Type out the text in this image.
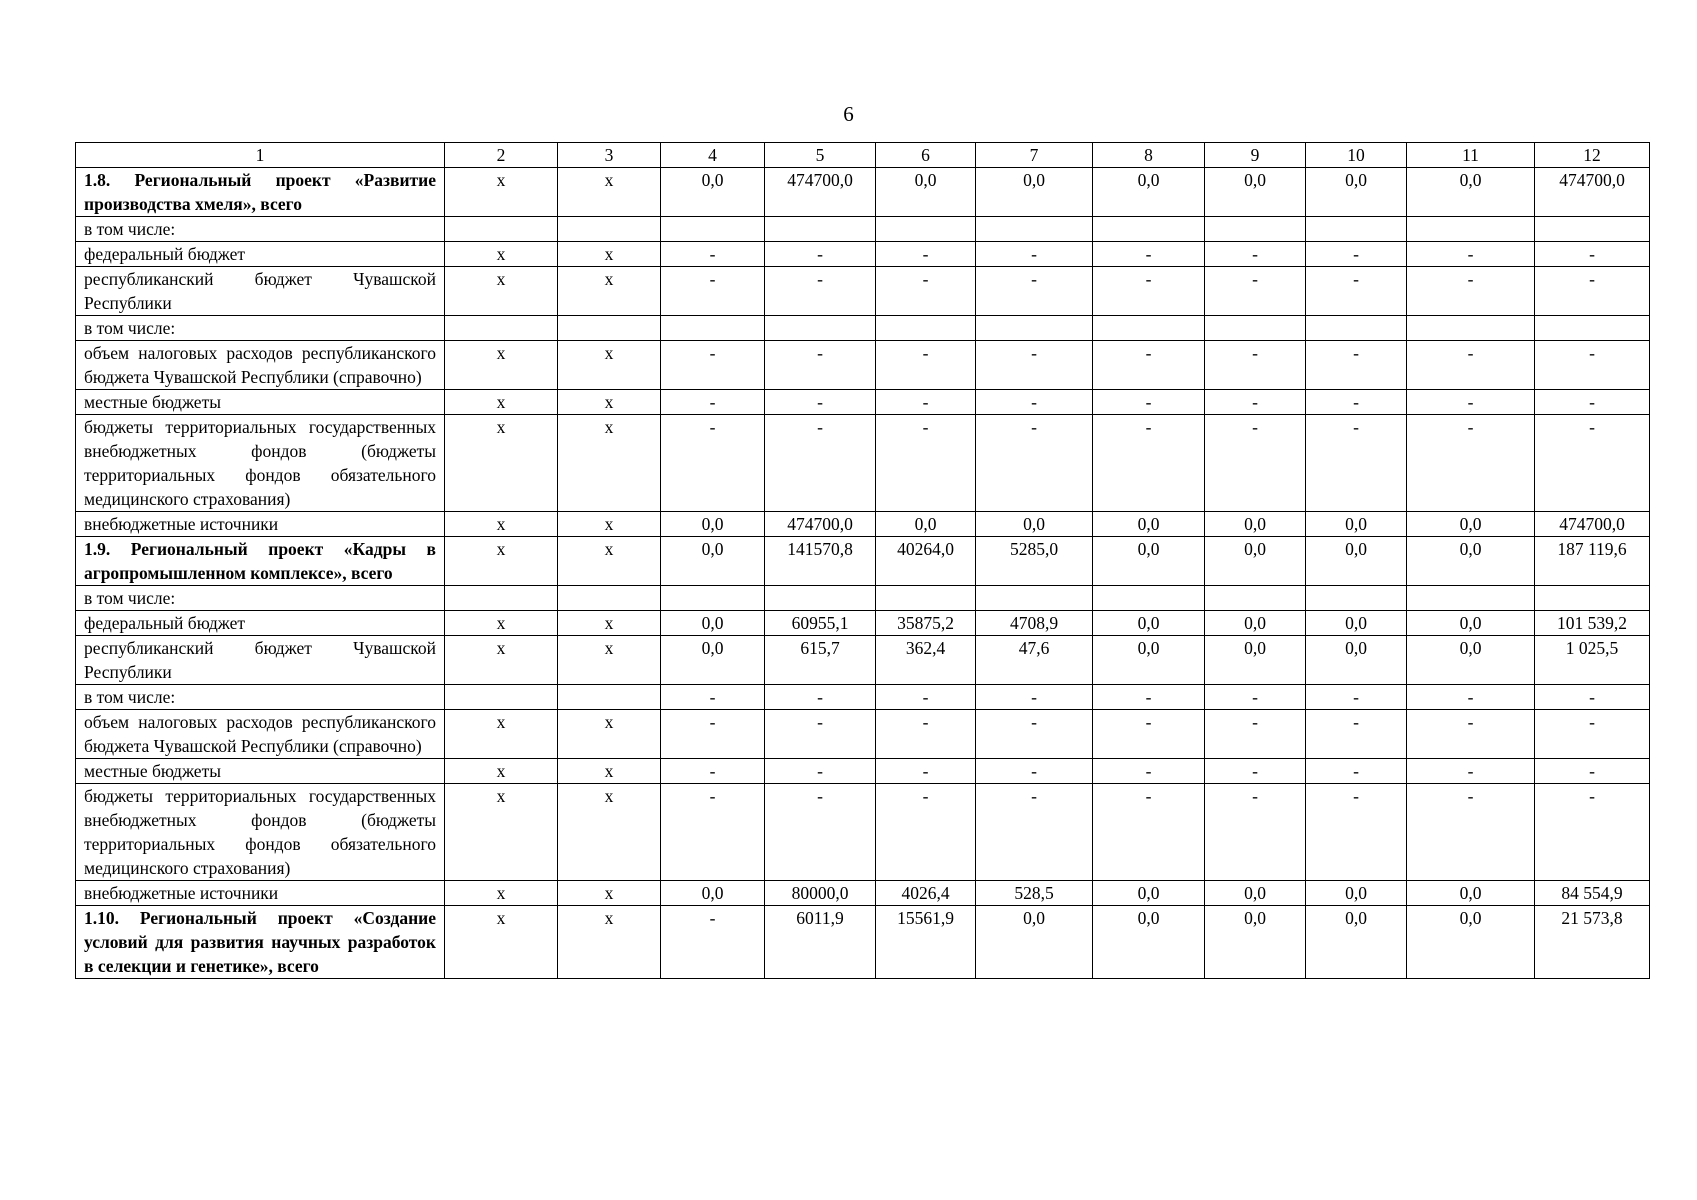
6
1	2	3	4	5	6	7	8	9	10	11	12
1.8. Региональный проект «Развитие производства хмеля», всего	x	x	0,0	474700,0	0,0	0,0	0,0	0,0	0,0	0,0	474700,0
в том числе:											
федеральный бюджет	x	x	-	-	-	-	-	-	-	-	-
республиканский бюджет Чувашской Республики	x	x	-	-	-	-	-	-	-	-	-
в том числе:											
объем налоговых расходов республиканского бюджета Чувашской Республики (справочно)	x	x	-	-	-	-	-	-	-	-	-
местные бюджеты	x	x	-	-	-	-	-	-	-	-	-
бюджеты территориальных государственных внебюджетных фондов (бюджеты территориальных фондов обязательного медицинского страхования)	x	x	-	-	-	-	-	-	-	-	-
внебюджетные источники	x	x	0,0	474700,0	0,0	0,0	0,0	0,0	0,0	0,0	474700,0
1.9. Региональный проект «Кадры в агропромышленном комплексе», всего	x	x	0,0	141570,8	40264,0	5285,0	0,0	0,0	0,0	0,0	187 119,6
в том числе:											
федеральный бюджет	x	x	0,0	60955,1	35875,2	4708,9	0,0	0,0	0,0	0,0	101 539,2
республиканский бюджет Чувашской Республики	x	x	0,0	615,7	362,4	47,6	0,0	0,0	0,0	0,0	1 025,5
в том числе:			-	-	-	-	-	-	-	-	-
объем налоговых расходов республиканского бюджета Чувашской Республики (справочно)	x	x	-	-	-	-	-	-	-	-	-
местные бюджеты	x	x	-	-	-	-	-	-	-	-	-
бюджеты территориальных государственных внебюджетных фондов (бюджеты территориальных фондов обязательного медицинского страхования)	x	x	-	-	-	-	-	-	-	-	-
внебюджетные источники	x	x	0,0	80000,0	4026,4	528,5	0,0	0,0	0,0	0,0	84 554,9
1.10. Региональный проект «Создание условий для развития научных разработок в селекции и генетике», всего	x	x	-	6011,9	15561,9	0,0	0,0	0,0	0,0	0,0	21 573,8
